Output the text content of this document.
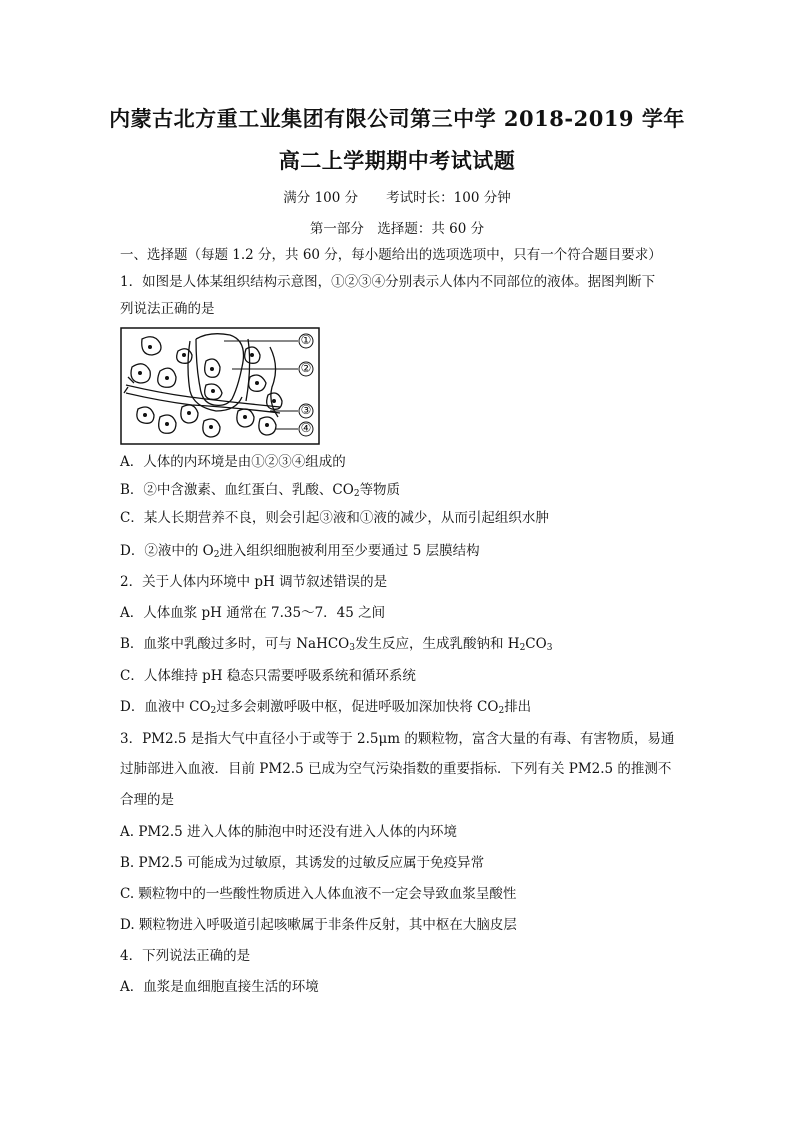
内蒙古北方重工业集团有限公司第三中学 2018-2019 学年
高二上学期期中考试试题
满分 100 分 考试时长：100 分钟
第一部分　选择题：共 60 分
一、选择题（每题 1.2 分，共 60 分，每小题给出的选项选项中，只有一个符合题目要求）
1．如图是人体某组织结构示意图，①②③④分别表示人体内不同部位的液体。据图判断下
列说法正确的是
①
②
③
④
A．人体的内环境是由①②③④组成的
B．②中含激素、血红蛋白、乳酸、$CO_2$等物质
C．某人长期营养不良，则会引起③液和①液的减少，从而引起组织水肿
D．②液中的 $O_2$进入组织细胞被利用至少要通过 5 层膜结构
2．关于人体内环境中 pH 调节叙述错误的是
A．人体血浆 pH 通常在 7.35～7．45 之间
B．血浆中乳酸过多时，可与 NaHCO$_3$发生反应，生成乳酸钠和 $H_2CO_3$
C．人体维持 pH 稳态只需要呼吸系统和循环系统
D．血液中 $CO_2$过多会刺激呼吸中枢，促进呼吸加深加快将 $CO_2$排出
3．PM2.5 是指大气中直径小于或等于 2.5μm 的颗粒物，富含大量的有毒、有害物质，易通
过肺部进入血液．目前 PM2.5 已成为空气污染指数的重要指标．下列有关 PM2.5 的推测不
合理的是
A. PM2.5 进入人体的肺泡中时还没有进入人体的内环境
B. PM2.5 可能成为过敏原，其诱发的过敏反应属于免疫异常
C. 颗粒物中的一些酸性物质进入人体血液不一定会导致血浆呈酸性
D. 颗粒物进入呼吸道引起咳嗽属于非条件反射，其中枢在大脑皮层
4．下列说法正确的是
A．血浆是血细胞直接生活的环境
